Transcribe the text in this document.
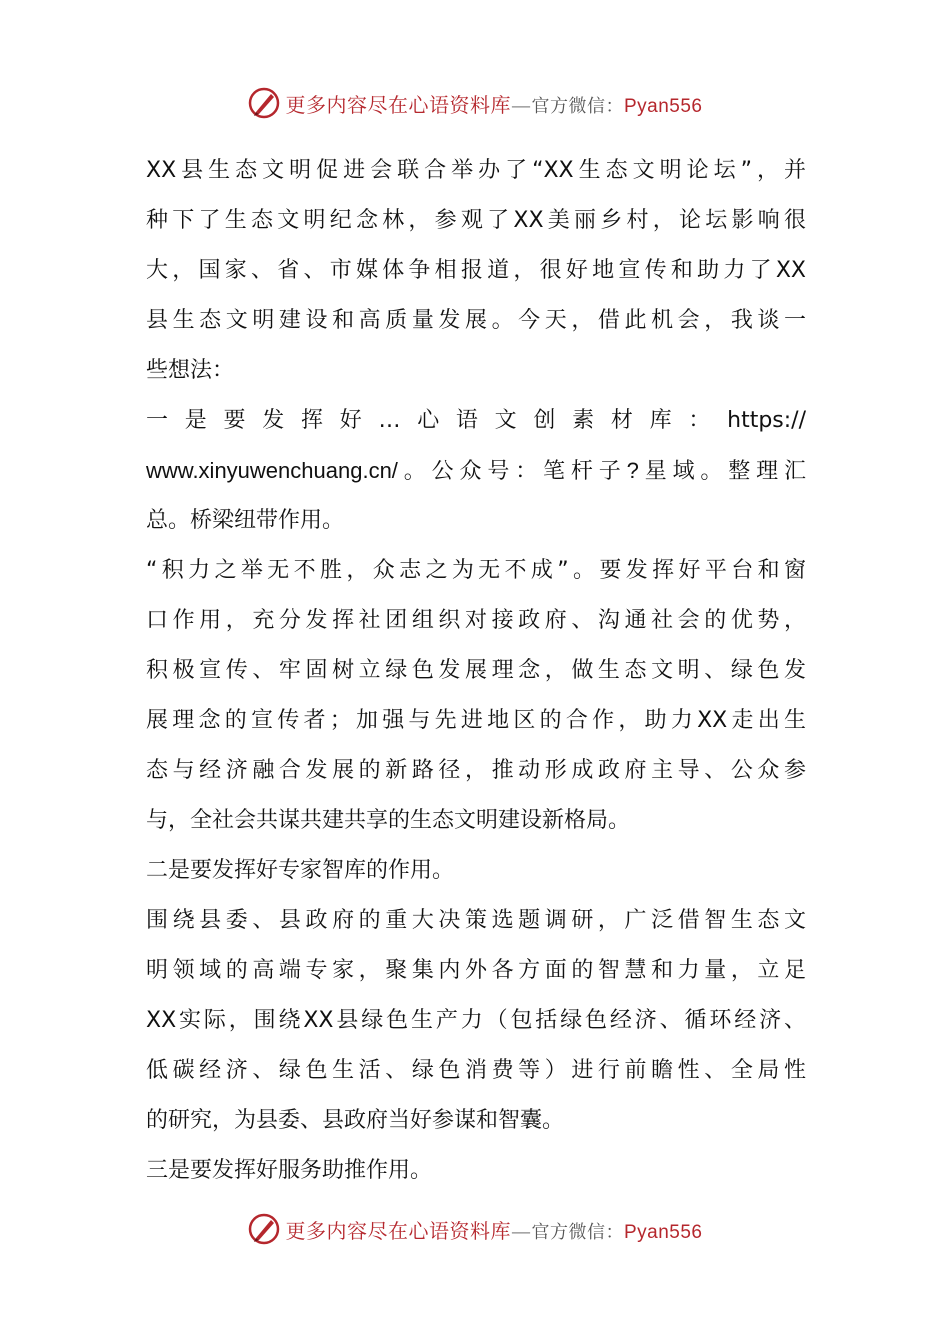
更多内容尽在心语资料库—官方微信：Pyan556
XX县生态文明促进会联合举办了“XX生态文明论坛”，并
种下了生态文明纪念林，参观了XX美丽乡村，论坛影响很
大，国家、省、市媒体争相报道，很好地宣传和助力了XX
县生态文明建设和高质量发展。今天，借此机会，我谈一
些想法：
一是要发挥好…心语文创素材库：https://
www.xinyuwenchuang.cn/。公众号：笔杆子?星域。整理汇
总。桥梁纽带作用。
“积力之举无不胜，众志之为无不成”。要发挥好平台和窗
口作用，充分发挥社团组织对接政府、沟通社会的优势，
积极宣传、牢固树立绿色发展理念，做生态文明、绿色发
展理念的宣传者；加强与先进地区的合作，助力XX走出生
态与经济融合发展的新路径，推动形成政府主导、公众参
与，全社会共谋共建共享的生态文明建设新格局。
二是要发挥好专家智库的作用。
围绕县委、县政府的重大决策选题调研，广泛借智生态文
明领域的高端专家，聚集内外各方面的智慧和力量，立足
XX实际，围绕XX县绿色生产力（包括绿色经济、循环经济、
低碳经济、绿色生活、绿色消费等）进行前瞻性、全局性
的研究，为县委、县政府当好参谋和智囊。
三是要发挥好服务助推作用。
更多内容尽在心语资料库—官方微信：Pyan556
